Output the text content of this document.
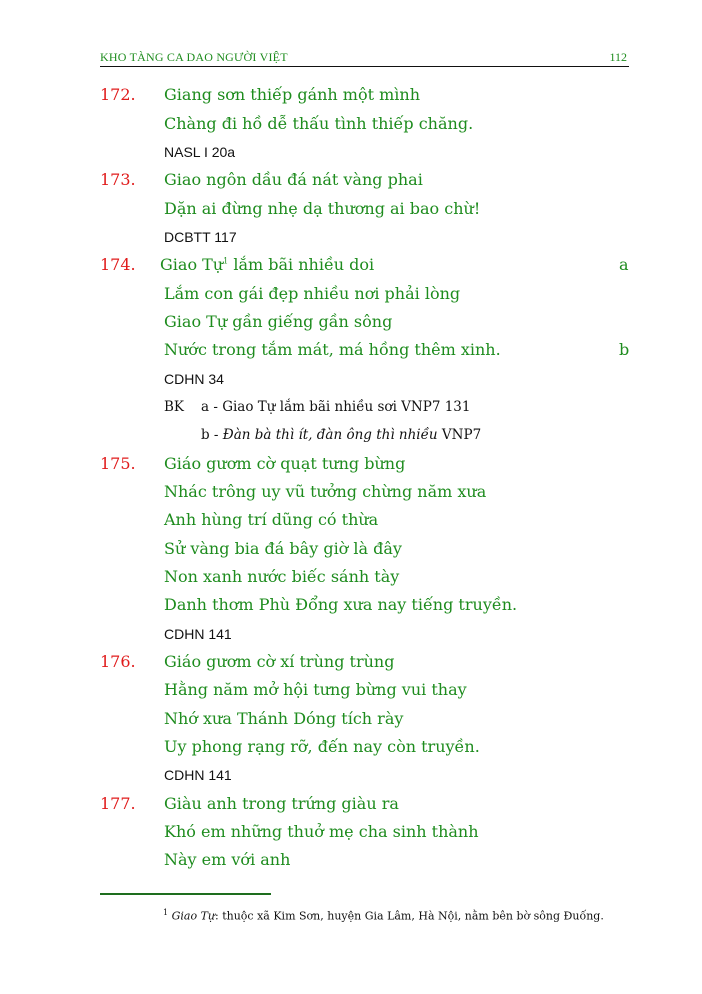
KHO TÀNG CA DAO NGƯỜI VIỆT	112
172. Giang sơn thiếp gánh một mình
Chàng đi hồ dễ thấu tình thiếp chăng.
NASL I 20a
173. Giao ngôn dầu đá nát vàng phai
Dặn ai đừng nhẹ dạ thương ai bao chừ!
DCBTT 117
174. Giao Tự$^1$ lắm bãi nhiều doi	a
Lắm con gái đẹp nhiều nơi phải lòng
Giao Tự gần giếng gần sông
Nước trong tắm mát, má hồng thêm xinh.	b
CDHN 34
BK a - Giao Tự lắm bãi nhiều sơi VNP7 131
b - Đàn bà thì ít, đàn ông thì nhiều VNP7
175. Giáo gươm cờ quạt tưng bừng
Nhác trông uy vũ tưởng chừng năm xưa
Anh hùng trí dũng có thừa
Sử vàng bia đá bây giờ là đây
Non xanh nước biếc sánh tày
Danh thơm Phù Đổng xưa nay tiếng truyền.
CDHN 141
176. Giáo gươm cờ xí trùng trùng
Hằng năm mở hội tưng bừng vui thay
Nhớ xưa Thánh Dóng tích rày
Uy phong rạng rỡ, đến nay còn truyền.
CDHN 141
177. Giàu anh trong trứng giàu ra
Khó em những thuở mẹ cha sinh thành
Này em với anh
$^1$ Giao Tự: thuộc xã Kim Sơn, huyện Gia Lâm, Hà Nội, nằm bên bờ sông Đuống.
